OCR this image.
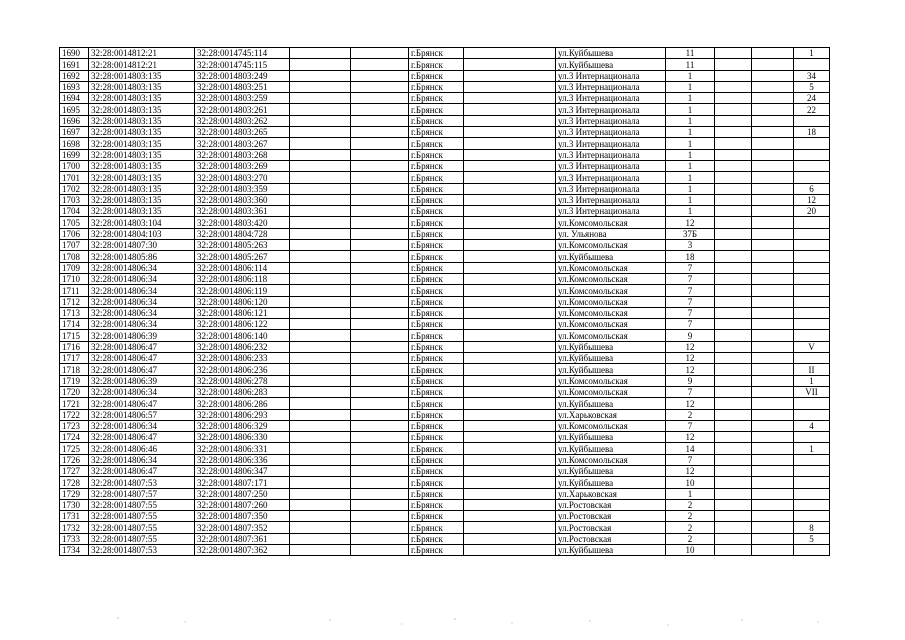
1690	32:28:0014812:21	32:28:0014745:114			г.Брянск		ул.Куйбышева	11			1
1691	32:28:0014812:21	32:28:0014745:115			г.Брянск		ул.Куйбышева	11			
1692	32:28:0014803:135	32:28:0014803:249			г.Брянск		ул.3 Интернационала	1			34
1693	32:28:0014803:135	32:28:0014803:251			г.Брянск		ул.3 Интернационала	1			5
1694	32:28:0014803:135	32:28:0014803:259			г.Брянск		ул.3 Интернационала	1			24
1695	32:28:0014803:135	32:28:0014803:261			г.Брянск		ул.3 Интернационала	1			22
1696	32:28:0014803:135	32:28:0014803:262			г.Брянск		ул.3 Интернационала	1			
1697	32:28:0014803:135	32:28:0014803:265			г.Брянск		ул.3 Интернационала	1			18
1698	32:28:0014803:135	32:28:0014803:267			г.Брянск		ул.3 Интернационала	1			
1699	32:28:0014803:135	32:28:0014803:268			г.Брянск		ул.3 Интернационала	1			
1700	32:28:0014803:135	32:28:0014803:269			г.Брянск		ул.3 Интернационала	1			
1701	32:28:0014803:135	32:28:0014803:270			г.Брянск		ул.3 Интернационала	1			
1702	32:28:0014803:135	32:28:0014803:359			г.Брянск		ул.3 Интернационала	1			6
1703	32:28:0014803:135	32:28:0014803:360			г.Брянск		ул.3 Интернационала	1			12
1704	32:28:0014803:135	32:28:0014803:361			г.Брянск		ул.3 Интернационала	1			20
1705	32:28:0014803:104	32:28:0014803:420			г.Брянск		ул.Комсомольская	12			
1706	32:28:0014804:103	32:28:0014804:728			г.Брянск		ул. Ульянова	37Б			
1707	32:28:0014807:30	32:28:0014805:263			г.Брянск		ул.Комсомольская	3			
1708	32:28:0014805:86	32:28:0014805:267			г.Брянск		ул.Куйбышева	18			
1709	32:28:0014806:34	32:28:0014806:114			г.Брянск		ул.Комсомольская	7			
1710	32:28:0014806:34	32:28:0014806:118			г.Брянск		ул.Комсомольская	7			
1711	32:28:0014806:34	32:28:0014806:119			г.Брянск		ул.Комсомольская	7			
1712	32:28:0014806:34	32:28:0014806:120			г.Брянск		ул.Комсомольская	7			
1713	32:28:0014806:34	32:28:0014806:121			г.Брянск		ул.Комсомольская	7			
1714	32:28:0014806:34	32:28:0014806:122			г.Брянск		ул.Комсомольская	7			
1715	32:28:0014806:39	32:28:0014806:140			г.Брянск		ул.Комсомольская	9			
1716	32:28:0014806:47	32:28:0014806:232			г.Брянск		ул.Куйбышева	12			V
1717	32:28:0014806:47	32:28:0014806:233			г.Брянск		ул.Куйбышева	12			
1718	32:28:0014806:47	32:28:0014806:236			г.Брянск		ул.Куйбышева	12			II
1719	32:28:0014806:39	32:28:0014806:278			г.Брянск		ул.Комсомольская	9			1
1720	32:28:0014806:34	32:28:0014806:283			г.Брянск		ул.Комсомольская	7			VII
1721	32:28:0014806:47	32:28:0014806:286			г.Брянск		ул.Куйбышева	12			
1722	32:28:0014806:57	32:28:0014806:293			г.Брянск		ул.Харьковская	2			
1723	32:28:0014806:34	32:28:0014806:329			г.Брянск		ул.Комсомольская	7			4
1724	32:28:0014806:47	32:28:0014806:330			г.Брянск		ул.Куйбышева	12			
1725	32:28:0014806:46	32:28:0014806:331			г.Брянск		ул.Куйбышева	14			1
1726	32:28:0014806:34	32:28:0014806:336			г.Брянск		ул.Комсомольская	7			
1727	32:28:0014806:47	32:28:0014806:347			г.Брянск		ул.Куйбышева	12			
1728	32:28:0014807:53	32:28:0014807:171			г.Брянск		ул.Куйбышева	10			
1729	32:28:0014807:57	32:28:0014807:250			г.Брянск		ул.Харьковская	1			
1730	32:28:0014807:55	32:28:0014807:260			г.Брянск		ул.Ростовская	2			
1731	32:28:0014807:55	32:28:0014807:350			г.Брянск		ул.Ростовская	2			
1732	32:28:0014807:55	32:28:0014807:352			г.Брянск		ул.Ростовская	2			8
1733	32:28:0014807:55	32:28:0014807:361			г.Брянск		ул.Ростовская	2			5
1734	32:28:0014807:53	32:28:0014807:362			г.Брянск		ул.Куйбышева	10			
